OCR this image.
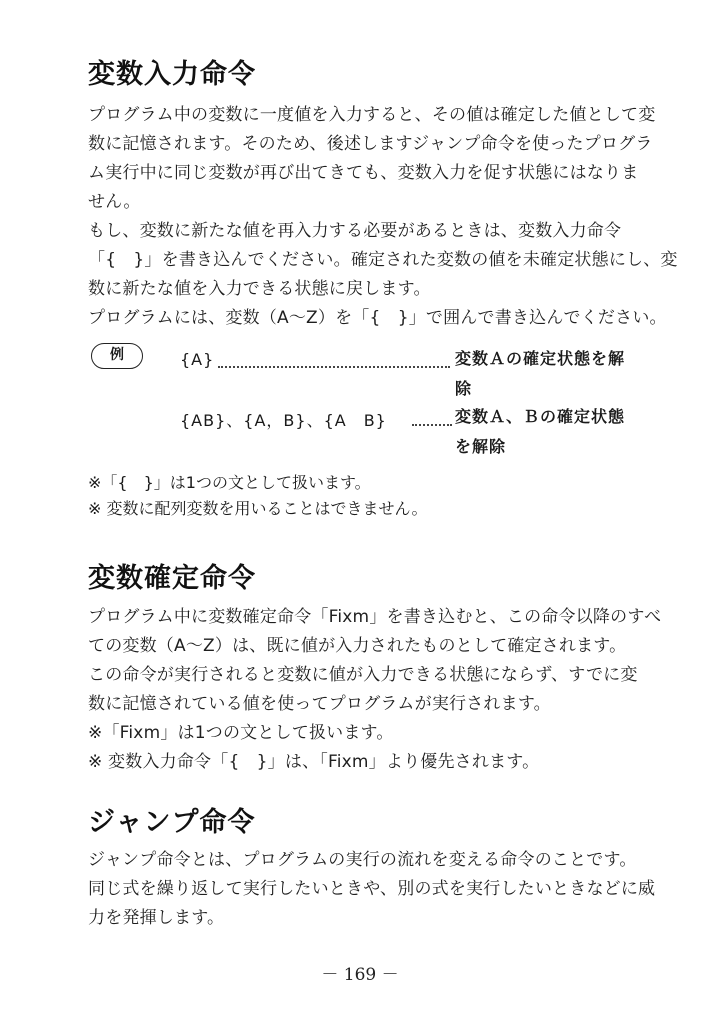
変数入力命令
プログラム中の変数に一度値を入力すると、その値は確定した値として変
数に記憶されます。そのため、後述しますジャンプ命令を使ったプログラ
ム実行中に同じ変数が再び出てきても、変数入力を促す状態にはなりま
せん。
もし、変数に新たな値を再入力する必要があるときは、変数入力命令
「{　}」を書き込んでください。確定された変数の値を未確定状態にし、変
数に新たな値を入力できる状態に戻します。
プログラムには、変数（A～Z）を「{　}」で囲んで書き込んでください。
例	{A}	変数Ａの確定状態を解
除
{AB}、{A，B}、{A　B}	変数Ａ、Ｂの確定状態
を解除
※「{　}」は1つの文として扱います。
※ 変数に配列変数を用いることはできません。
変数確定命令
プログラム中に変数確定命令「Fixm」を書き込むと、この命令以降のすべ
ての変数（A～Z）は、既に値が入力されたものとして確定されます。
この命令が実行されると変数に値が入力できる状態にならず、すでに変
数に記憶されている値を使ってプログラムが実行されます。
※「Fixm」は1つの文として扱います。
※ 変数入力命令「{　}」は、「Fixm」より優先されます。
ジャンプ命令
ジャンプ命令とは、プログラムの実行の流れを変える命令のことです。
同じ式を繰り返して実行したいときや、別の式を実行したいときなどに威
力を発揮します。
－ 169 －
